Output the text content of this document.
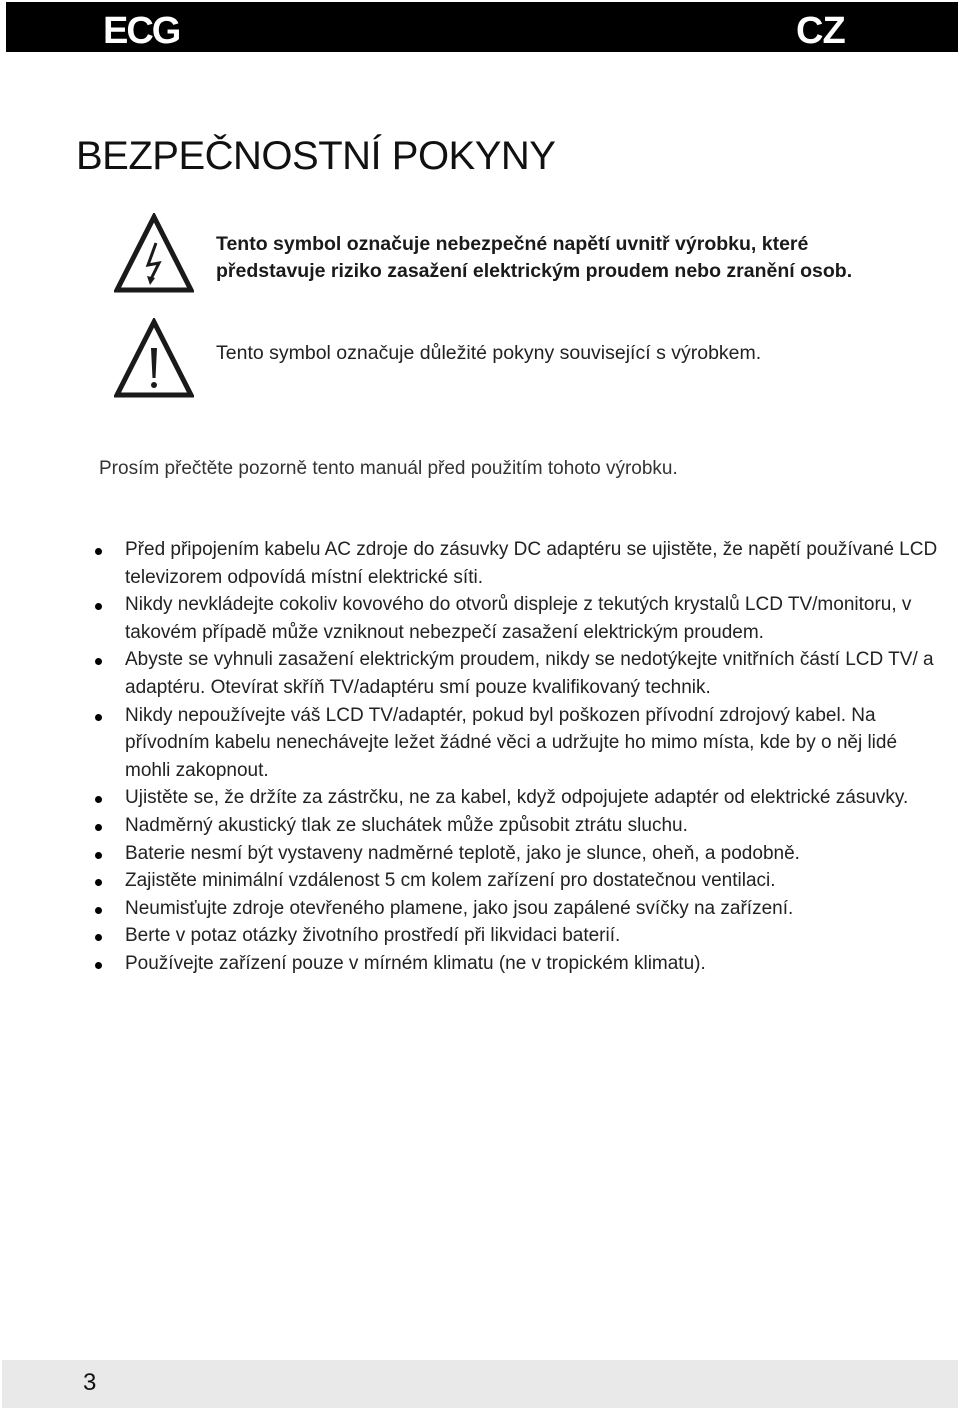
ECG	CZ
BEZPEČNOSTNÍ POKYNY
Tento symbol označuje nebezpečné napětí uvnitř výrobku, které představuje riziko zasažení elektrickým proudem nebo zranění osob.
Tento symbol označuje důležité pokyny související s výrobkem.
Prosím přečtěte pozorně tento manuál před použitím tohoto výrobku.
Před připojením kabelu AC zdroje do zásuvky DC adaptéru se ujistěte, že napětí používané LCD televizorem odpovídá místní elektrické síti.
Nikdy nevkládejte cokoliv kovového do otvorů displeje z tekutých krystalů LCD TV/monitoru, v takovém případě může vzniknout nebezpečí zasažení elektrickým proudem.
Abyste se vyhnuli zasažení elektrickým proudem, nikdy se nedotýkejte vnitřních částí LCD TV/ a adaptéru. Otevírat skříň TV/adaptéru smí pouze kvalifikovaný technik.
Nikdy nepoužívejte váš LCD TV/adaptér, pokud byl poškozen přívodní zdrojový kabel. Na přívodním kabelu nenechávejte ležet žádné věci a udržujte ho mimo místa, kde by o něj lidé mohli zakopnout.
Ujistěte se, že držíte za zástrčku, ne za kabel, když odpojujete adaptér od elektrické zásuvky.
Nadměrný akustický tlak ze sluchátek může způsobit ztrátu sluchu.
Baterie nesmí být vystaveny nadměrné teplotě, jako je slunce, oheň, a podobně.
Zajistěte minimální vzdálenost 5 cm kolem zařízení pro dostatečnou ventilaci.
Neumisťujte zdroje otevřeného plamene, jako jsou zapálené svíčky na zařízení.
Berte v potaz otázky životního prostředí při likvidaci baterií.
Používejte zařízení pouze v mírném klimatu (ne v tropickém klimatu).
3
